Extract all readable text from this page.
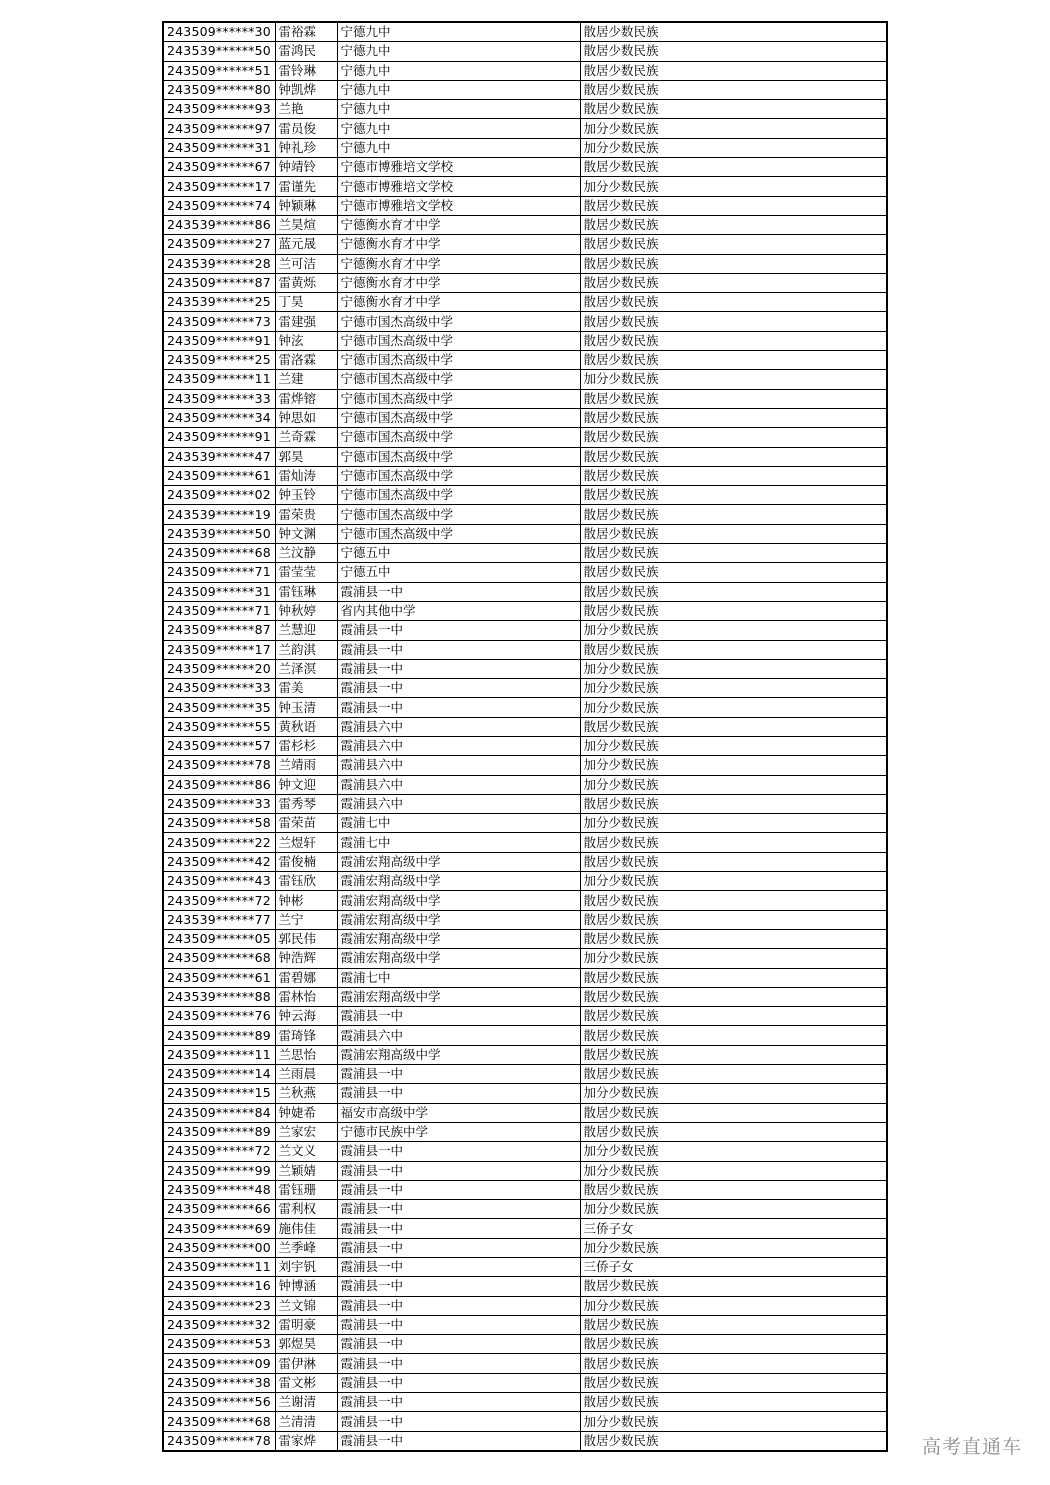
243509******30	雷裕霖	宁德九中	散居少数民族
243539******50	雷鸿民	宁德九中	散居少数民族
243509******51	雷铃琳	宁德九中	散居少数民族
243509******80	钟凯烨	宁德九中	散居少数民族
243509******93	兰艳	宁德九中	散居少数民族
243509******97	雷员俊	宁德九中	加分少数民族
243509******31	钟礼珍	宁德九中	加分少数民族
243509******67	钟靖铃	宁德市博雅培文学校	散居少数民族
243509******17	雷谨先	宁德市博雅培文学校	加分少数民族
243509******74	钟颖琳	宁德市博雅培文学校	散居少数民族
243539******86	兰昊煊	宁德衡水育才中学	散居少数民族
243509******27	蓝元晟	宁德衡水育才中学	散居少数民族
243539******28	兰可洁	宁德衡水育才中学	散居少数民族
243509******87	雷黄烁	宁德衡水育才中学	散居少数民族
243539******25	丁昊	宁德衡水育才中学	散居少数民族
243509******73	雷建强	宁德市国杰高级中学	散居少数民族
243509******91	钟泫	宁德市国杰高级中学	散居少数民族
243509******25	雷洛霖	宁德市国杰高级中学	散居少数民族
243509******11	兰建	宁德市国杰高级中学	加分少数民族
243509******33	雷烨镕	宁德市国杰高级中学	散居少数民族
243509******34	钟思如	宁德市国杰高级中学	散居少数民族
243509******91	兰奇霖	宁德市国杰高级中学	散居少数民族
243539******47	郭昊	宁德市国杰高级中学	散居少数民族
243509******61	雷灿涛	宁德市国杰高级中学	散居少数民族
243509******02	钟玉铃	宁德市国杰高级中学	散居少数民族
243539******19	雷荣贵	宁德市国杰高级中学	散居少数民族
243539******50	钟文渊	宁德市国杰高级中学	散居少数民族
243509******68	兰汶静	宁德五中	散居少数民族
243509******71	雷莹莹	宁德五中	散居少数民族
243509******31	雷钰琳	霞浦县一中	散居少数民族
243509******71	钟秋婷	省内其他中学	散居少数民族
243509******87	兰慧迎	霞浦县一中	加分少数民族
243509******17	兰韵淇	霞浦县一中	散居少数民族
243509******20	兰泽溟	霞浦县一中	加分少数民族
243509******33	雷美	霞浦县一中	加分少数民族
243509******35	钟玉清	霞浦县一中	加分少数民族
243509******55	黄秋语	霞浦县六中	散居少数民族
243509******57	雷杉杉	霞浦县六中	加分少数民族
243509******78	兰靖雨	霞浦县六中	加分少数民族
243509******86	钟文迎	霞浦县六中	加分少数民族
243509******33	雷秀琴	霞浦县六中	散居少数民族
243509******58	雷荣苗	霞浦七中	加分少数民族
243509******22	兰煜轩	霞浦七中	散居少数民族
243509******42	雷俊楠	霞浦宏翔高级中学	散居少数民族
243509******43	雷钰欣	霞浦宏翔高级中学	加分少数民族
243509******72	钟彬	霞浦宏翔高级中学	散居少数民族
243539******77	兰宁	霞浦宏翔高级中学	散居少数民族
243509******05	郭民伟	霞浦宏翔高级中学	散居少数民族
243509******68	钟浩辉	霞浦宏翔高级中学	加分少数民族
243509******61	雷碧娜	霞浦七中	散居少数民族
243539******88	雷林怡	霞浦宏翔高级中学	散居少数民族
243509******76	钟云海	霞浦县一中	散居少数民族
243509******89	雷琦锋	霞浦县六中	散居少数民族
243509******11	兰思怡	霞浦宏翔高级中学	散居少数民族
243509******14	兰雨晨	霞浦县一中	散居少数民族
243509******15	兰秋燕	霞浦县一中	加分少数民族
243509******84	钟婕希	福安市高级中学	散居少数民族
243509******89	兰家宏	宁德市民族中学	散居少数民族
243509******72	兰文义	霞浦县一中	加分少数民族
243509******99	兰颖婧	霞浦县一中	加分少数民族
243509******48	雷钰珊	霞浦县一中	散居少数民族
243509******66	雷利权	霞浦县一中	加分少数民族
243509******69	施伟佳	霞浦县一中	三侨子女
243509******00	兰季峰	霞浦县一中	加分少数民族
243509******11	刘宇钒	霞浦县一中	三侨子女
243509******16	钟博涵	霞浦县一中	散居少数民族
243509******23	兰文锦	霞浦县一中	加分少数民族
243509******32	雷明豪	霞浦县一中	散居少数民族
243509******53	郭煜昊	霞浦县一中	散居少数民族
243509******09	雷伊淋	霞浦县一中	散居少数民族
243509******38	雷文彬	霞浦县一中	散居少数民族
243509******56	兰谢清	霞浦县一中	散居少数民族
243509******68	兰清清	霞浦县一中	加分少数民族
243509******78	雷家烨	霞浦县一中	散居少数民族	高考直通车
